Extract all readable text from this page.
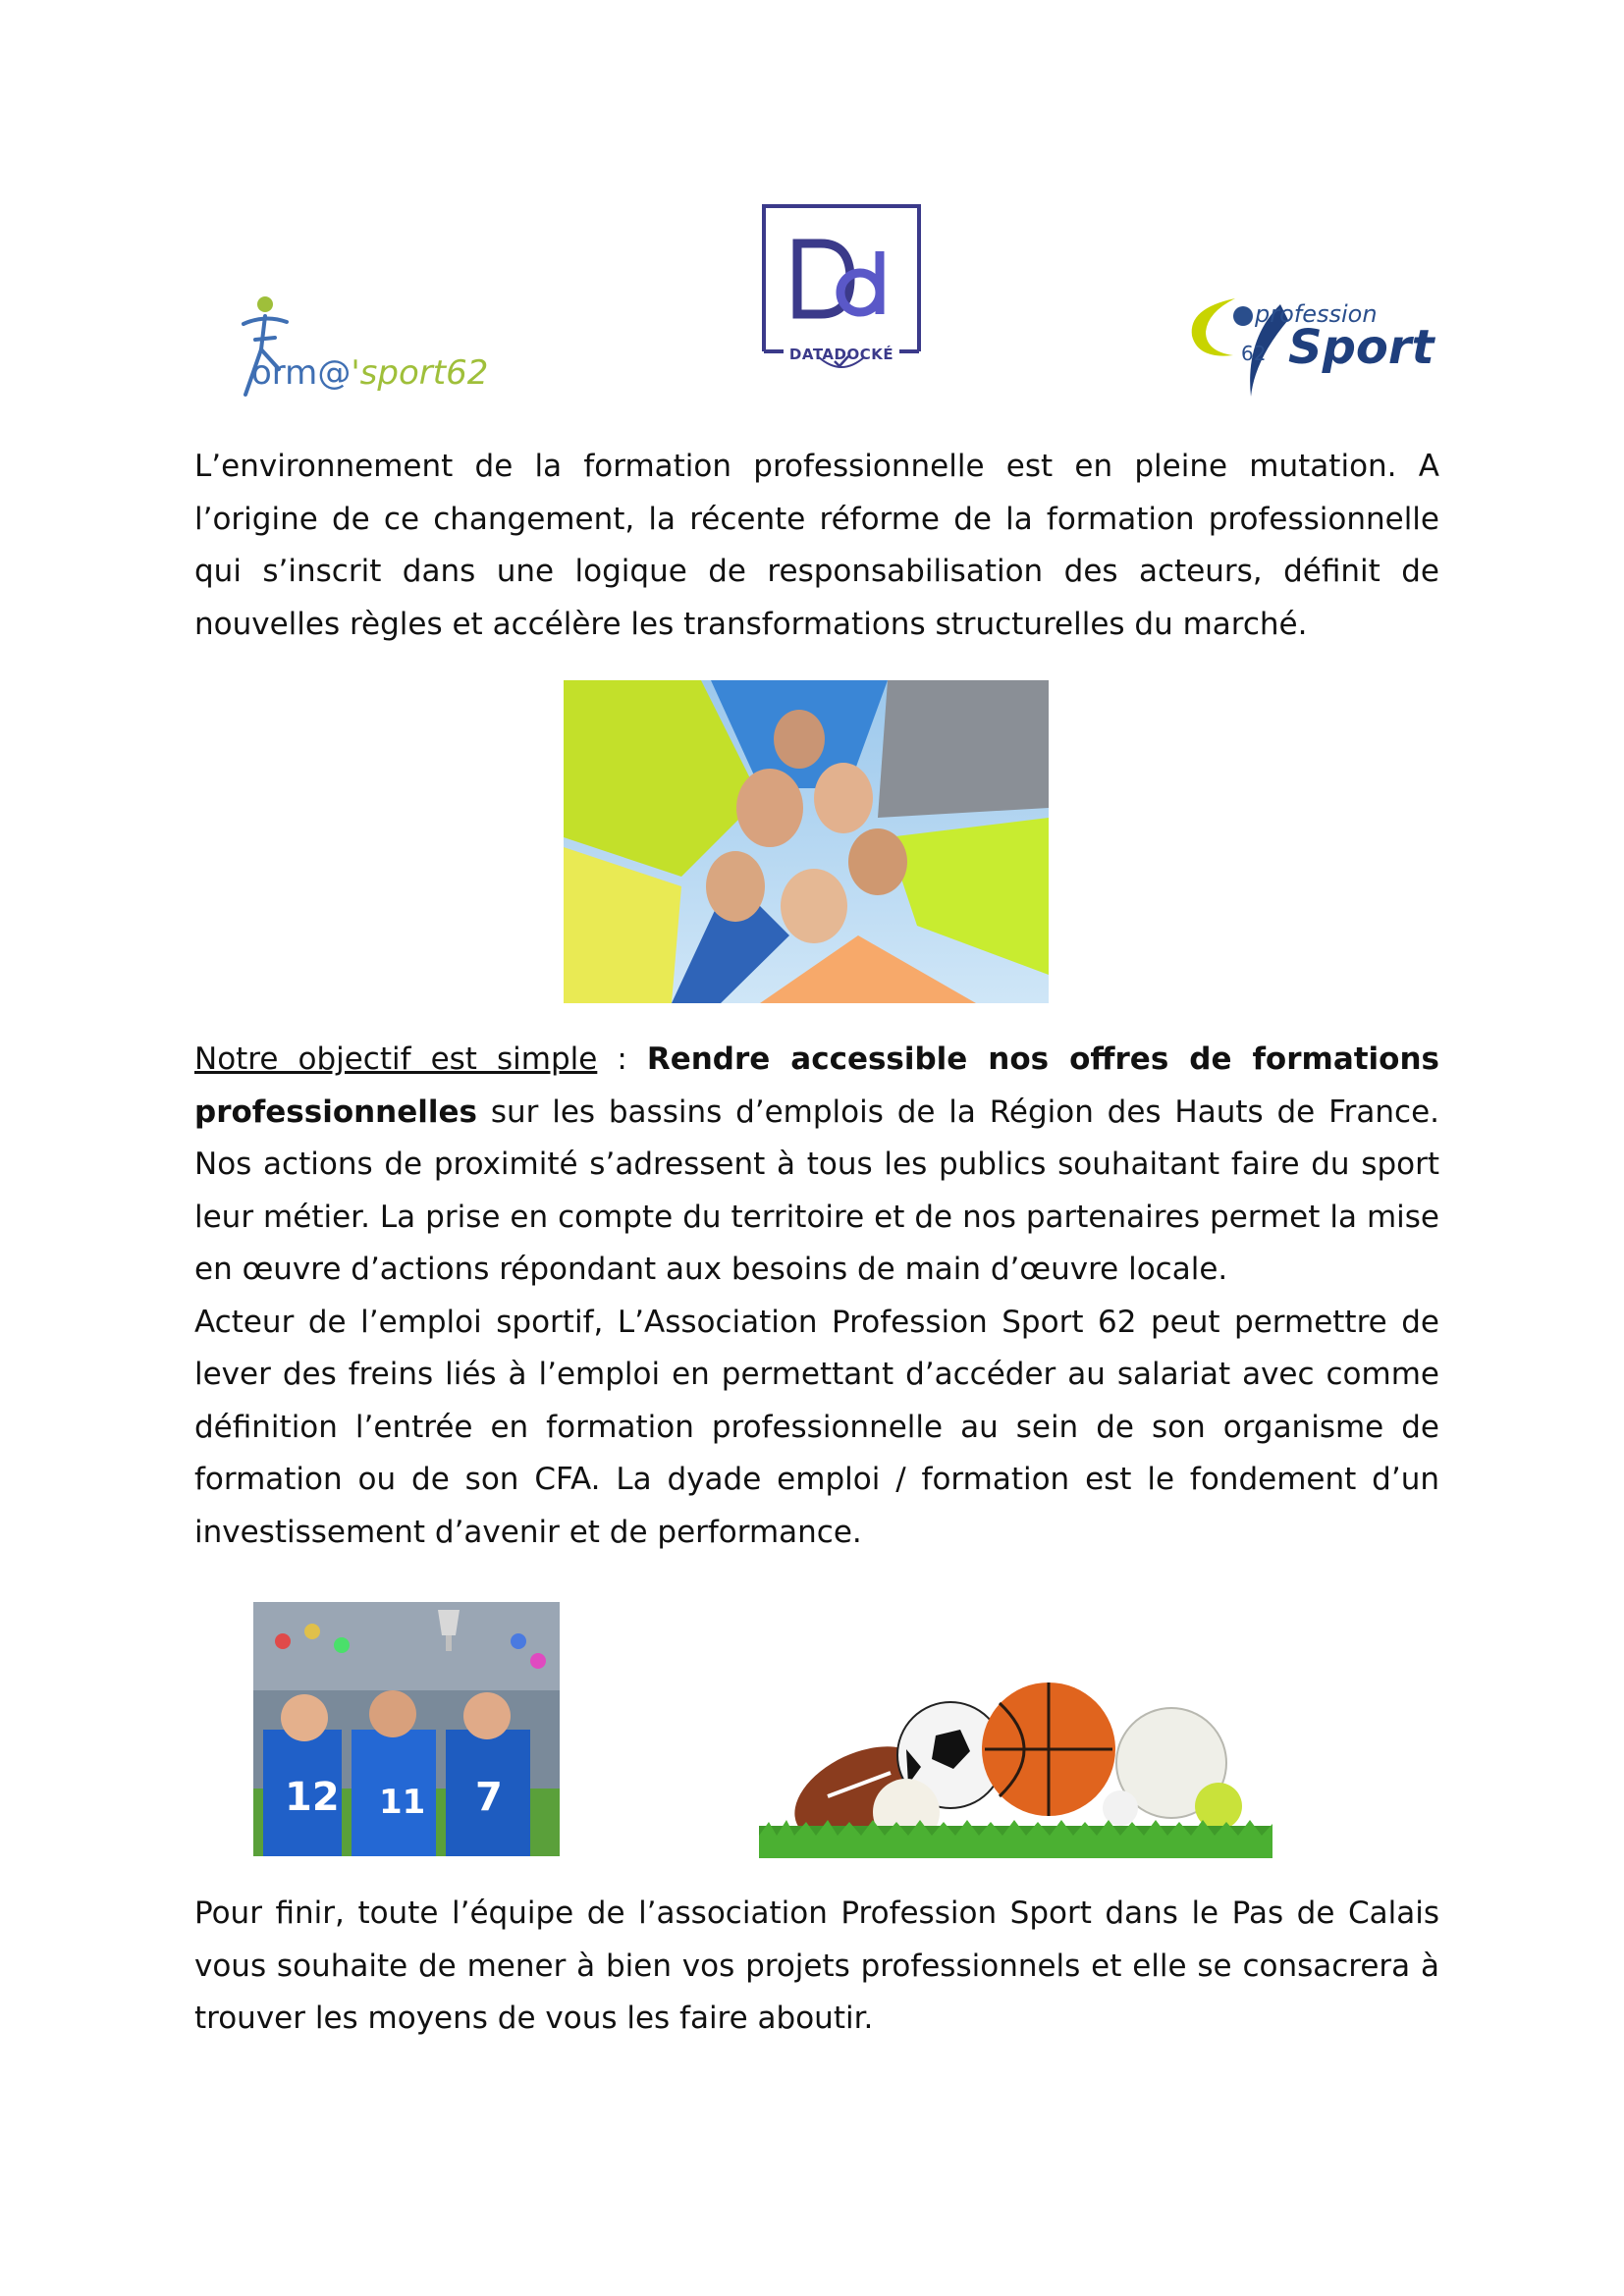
orm@'sport62	DATADOCKÉ
profession
62 Sport

L’environnement de la formation professionnelle est en pleine mutation. A l’origine de ce changement, la récente réforme de la formation professionnelle qui s’inscrit dans une logique de responsabilisation des acteurs, définit de nouvelles règles et accélère les transformations structurelles du marché.

Notre objectif est simple : Rendre accessible nos offres de formations professionnelles sur les bassins d’emplois de la Région des Hauts de France. Nos actions de proximité s’adressent à tous les publics souhaitant faire du sport leur métier. La prise en compte du territoire et de nos partenaires permet la mise en œuvre d’actions répondant aux besoins de main d’œuvre locale.
Acteur de l’emploi sportif, L’Association Profession Sport 62 peut permettre de lever des freins liés à l’emploi en permettant d’accéder au salariat avec comme définition l’entrée en formation professionnelle au sein de son organisme de formation ou de son CFA. La dyade emploi / formation est le fondement d’un investissement d’avenir et de performance.
12 11 7

Pour finir, toute l’équipe de l’association Profession Sport dans le Pas de Calais vous souhaite de mener à bien vos projets professionnels et elle se consacrera à trouver les moyens de vous les faire aboutir.
